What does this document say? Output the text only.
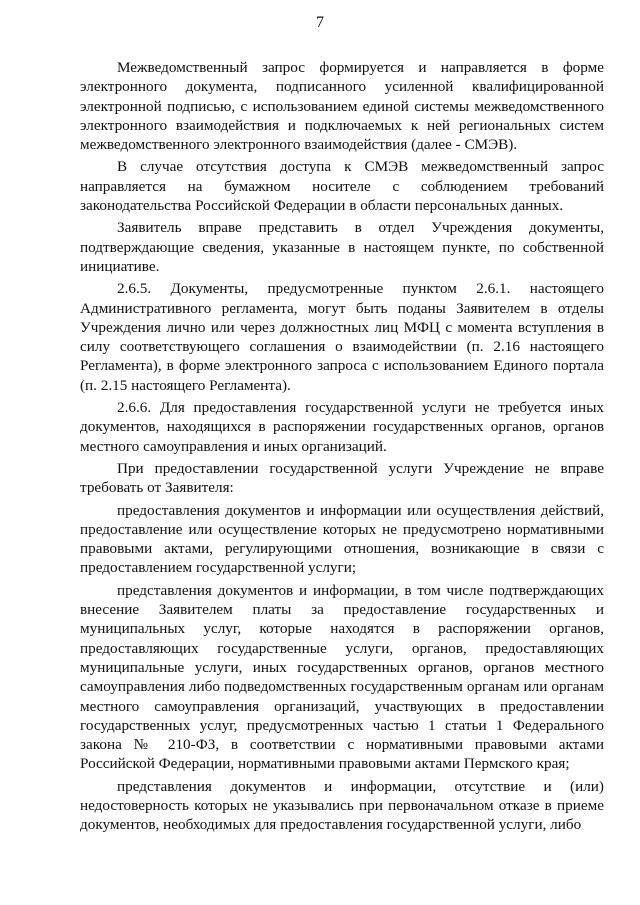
7

Межведомственный запрос формируется и направляется в форме электронного документа, подписанного усиленной квалифицированной электронной подписью, с использованием единой системы межведомственного электронного взаимодействия и подключаемых к ней региональных систем межведомственного электронного взаимодействия (далее - СМЭВ).

В случае отсутствия доступа к СМЭВ межведомственный запрос направляется на бумажном носителе с соблюдением требований законодательства Российской Федерации в области персональных данных.

Заявитель вправе представить в отдел Учреждения документы, подтверждающие сведения, указанные в настоящем пункте, по собственной инициативе.

2.6.5. Документы, предусмотренные пунктом 2.6.1. настоящего Административного регламента, могут быть поданы Заявителем в отделы Учреждения лично или через должностных лиц МФЦ с момента вступления в силу соответствующего соглашения о взаимодействии (п. 2.16 настоящего Регламента), в форме электронного запроса с использованием Единого портала (п. 2.15 настоящего Регламента).

2.6.6. Для предоставления государственной услуги не требуется иных документов, находящихся в распоряжении государственных органов, органов местного самоуправления и иных организаций.

При предоставлении государственной услуги Учреждение не вправе требовать от Заявителя:

предоставления документов и информации или осуществления действий, предоставление или осуществление которых не предусмотрено нормативными правовыми актами, регулирующими отношения, возникающие в связи с предоставлением государственной услуги;

представления документов и информации, в том числе подтверждающих внесение Заявителем платы за предоставление государственных и муниципальных услуг, которые находятся в распоряжении органов, предоставляющих государственные услуги, органов, предоставляющих муниципальные услуги, иных государственных органов, органов местного самоуправления либо подведомственных государственным органам или органам местного самоуправления организаций, участвующих в предоставлении государственных услуг, предусмотренных частью 1 статьи 1 Федерального закона № 210-ФЗ, в соответствии с нормативными правовыми актами Российской Федерации, нормативными правовыми актами Пермского края;

представления документов и информации, отсутствие и (или) недостоверность которых не указывались при первоначальном отказе в приеме документов, необходимых для предоставления государственной услуги, либо
